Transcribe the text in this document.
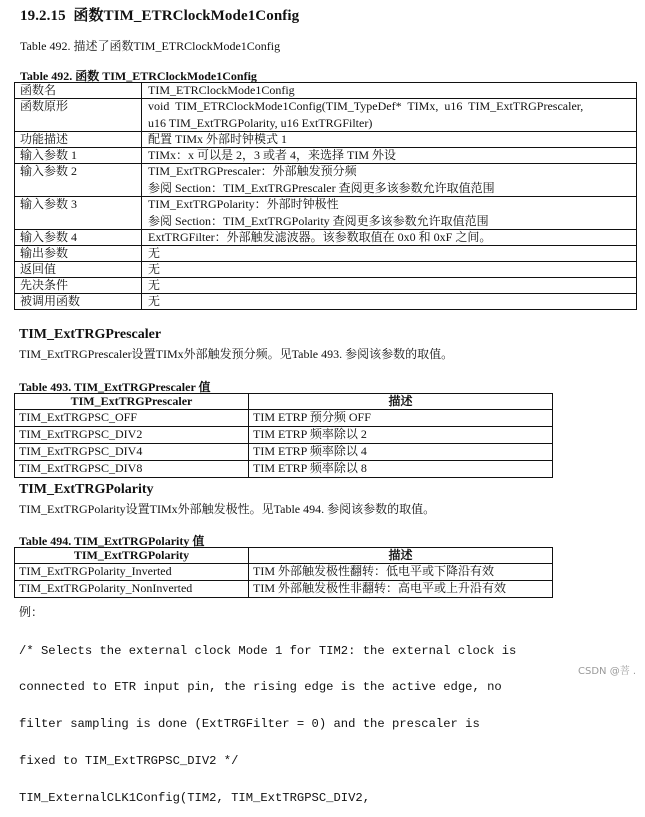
19.2.15 函数TIM_ETRClockMode1Config
Table 492. 描述了函数TIM_ETRClockMode1Config
Table 492. 函数 TIM_ETRClockMode1Config
函数名	TIM_ETRClockMode1Config

函数原形	void TIM_ETRClockMode1Config(TIM_TypeDef* TIMx, u16 TIM_ExtTRGPrescaler,
u16 TIM_ExtTRGPolarity, u16 ExtTRGFilter)

功能描述	配置 TIMx 外部时钟模式 1

输入参数 1	TIMx：x 可以是 2，3 或者 4，来选择 TIM 外设

输入参数 2	TIM_ExtTRGPrescaler：外部触发预分频
参阅 Section：TIM_ExtTRGPrescaler 查阅更多该参数允许取值范围

输入参数 3	TIM_ExtTRGPolarity：外部时钟极性
参阅 Section：TIM_ExtTRGPolarity 查阅更多该参数允许取值范围

输入参数 4	ExtTRGFilter：外部触发滤波器。该参数取值在 0x0 和 0xF 之间。

输出参数	无

返回值	无

先决条件	无

被调用函数	无
TIM_ExtTRGPrescaler
TIM_ExtTRGPrescaler设置TIMx外部触发预分频。见Table 493. 参阅该参数的取值。
Table 493. TIM_ExtTRGPrescaler 值
TIM_ExtTRGPrescaler	描述
TIM_ExtTRGPSC_OFF	TIM ETRP 预分频 OFF
TIM_ExtTRGPSC_DIV2	TIM ETRP 频率除以 2
TIM_ExtTRGPSC_DIV4	TIM ETRP 频率除以 4
TIM_ExtTRGPSC_DIV8	TIM ETRP 频率除以 8
TIM_ExtTRGPolarity
TIM_ExtTRGPolarity设置TIMx外部触发极性。见Table 494. 参阅该参数的取值。
Table 494. TIM_ExtTRGPolarity 值
TIM_ExtTRGPolarity	描述
TIM_ExtTRGPolarity_Inverted	TIM 外部触发极性翻转：低电平或下降沿有效
TIM_ExtTRGPolarity_NonInverted	TIM 外部触发极性非翻转：高电平或上升沿有效
例：

/* Selects the external clock Mode 1 for TIM2: the external clock is

connected to ETR input pin, the rising edge is the active edge, no

filter sampling is done (ExtTRGFilter = 0) and the prescaler is

fixed to TIM_ExtTRGPSC_DIV2 */

TIM_ExternalCLK1Config(TIM2, TIM_ExtTRGPSC_DIV2,

CSDN @菩 .
